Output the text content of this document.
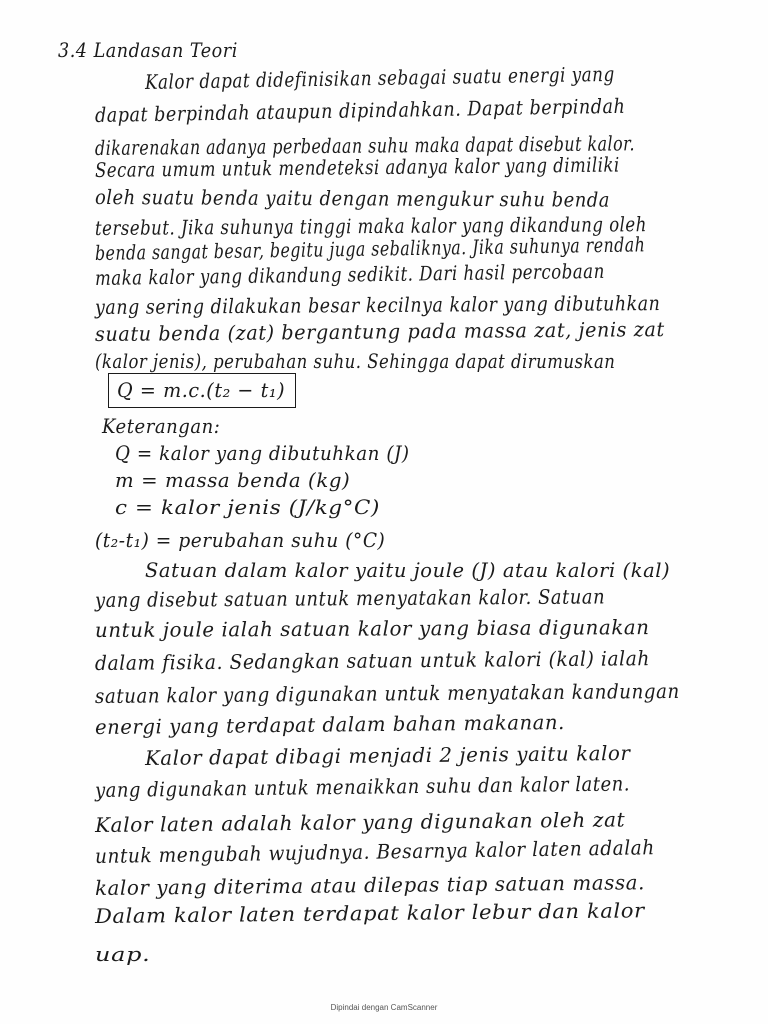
3.4 Landasan Teori
Kalor dapat didefinisikan sebagai suatu energi yang
dapat berpindah ataupun dipindahkan. Dapat berpindah
dikarenakan adanya perbedaan suhu maka dapat disebut kalor.
Secara umum untuk mendeteksi adanya kalor yang dimiliki
oleh suatu benda yaitu dengan mengukur suhu benda
tersebut. Jika suhunya tinggi maka kalor yang dikandung oleh
benda sangat besar, begitu juga sebaliknya. Jika suhunya rendah
maka kalor yang dikandung sedikit. Dari hasil percobaan
yang sering dilakukan besar kecilnya kalor yang dibutuhkan
suatu benda (zat) bergantung pada massa zat, jenis zat
(kalor jenis), perubahan suhu. Sehingga dapat dirumuskan
Q = m.c.(t₂ − t₁)
Keterangan:
Q = kalor yang dibutuhkan (J)
m = massa benda (kg)
c = kalor jenis (J/kg°C)
(t₂-t₁) = perubahan suhu (°C)
Satuan dalam kalor yaitu joule (J) atau kalori (kal)
yang disebut satuan untuk menyatakan kalor. Satuan
untuk joule ialah satuan kalor yang biasa digunakan
dalam fisika. Sedangkan satuan untuk kalori (kal) ialah
satuan kalor yang digunakan untuk menyatakan kandungan
energi yang terdapat dalam bahan makanan.
Kalor dapat dibagi menjadi 2 jenis yaitu kalor
yang digunakan untuk menaikkan suhu dan kalor laten.
Kalor laten adalah kalor yang digunakan oleh zat
untuk mengubah wujudnya. Besarnya kalor laten adalah
kalor yang diterima atau dilepas tiap satuan massa.
Dalam kalor laten terdapat kalor lebur dan kalor
uap.
Dipindai dengan CamScanner
